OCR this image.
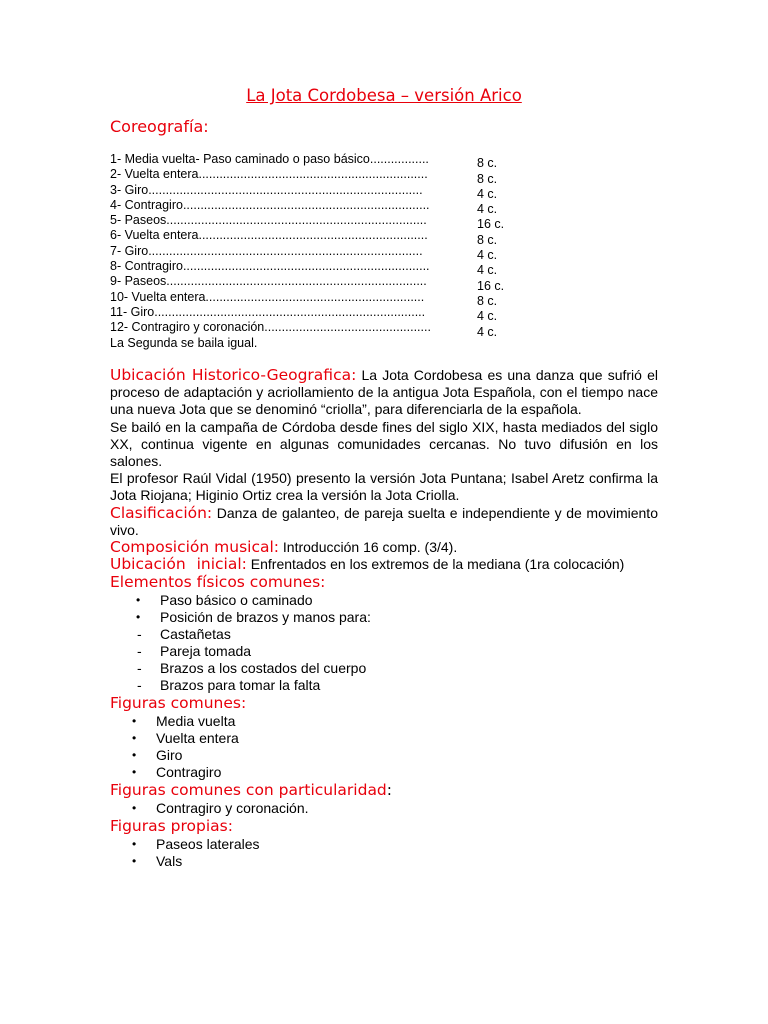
La Jota Cordobesa – versión Arico
Coreografía:
1- Media vuelta- Paso caminado o paso básico.................	8 c.
2- Vuelta entera..................................................................	8 c.
3- Giro...............................................................................	4 c.
4- Contragiro.......................................................................	4 c.
5- Paseos...........................................................................	16 c.
6- Vuelta entera..................................................................	8 c.
7- Giro...............................................................................	4 c.
8- Contragiro.......................................................................	4 c.
9- Paseos...........................................................................	16 c.
10- Vuelta entera...............................................................	8 c.
11- Giro..............................................................................	4 c.
12- Contragiro y coronación................................................	4 c.
La Segunda se baila igual.
Ubicación Historico-Geografica: La Jota Cordobesa es una danza que sufrió el proceso de adaptación y acriollamiento de la antigua Jota Española, con el tiempo nace una nueva Jota que se denominó “criolla”, para diferenciarla de la española.
Se bailó en la campaña de Córdoba desde fines del siglo XIX, hasta mediados del siglo XX, continua vigente en algunas comunidades cercanas. No tuvo difusión en los salones.
El profesor Raúl Vidal (1950) presento la versión Jota Puntana; Isabel Aretz confirma la Jota Riojana; Higinio Ortiz crea la versión la Jota Criolla.
Clasificación: Danza de galanteo, de pareja suelta e independiente y de movimiento vivo.
Composición musical: Introducción 16 comp. (3/4).
Ubicación inicial: Enfrentados en los extremos de la mediana (1ra colocación)
Elementos físicos comunes:
• Paso básico o caminado
• Posición de brazos y manos para:
- Castañetas
- Pareja tomada
- Brazos a los costados del cuerpo
- Brazos para tomar la falta
Figuras comunes:
• Media vuelta
• Vuelta entera
• Giro
• Contragiro
Figuras comunes con particularidad:
• Contragiro y coronación.
Figuras propias:
• Paseos laterales
• Vals
